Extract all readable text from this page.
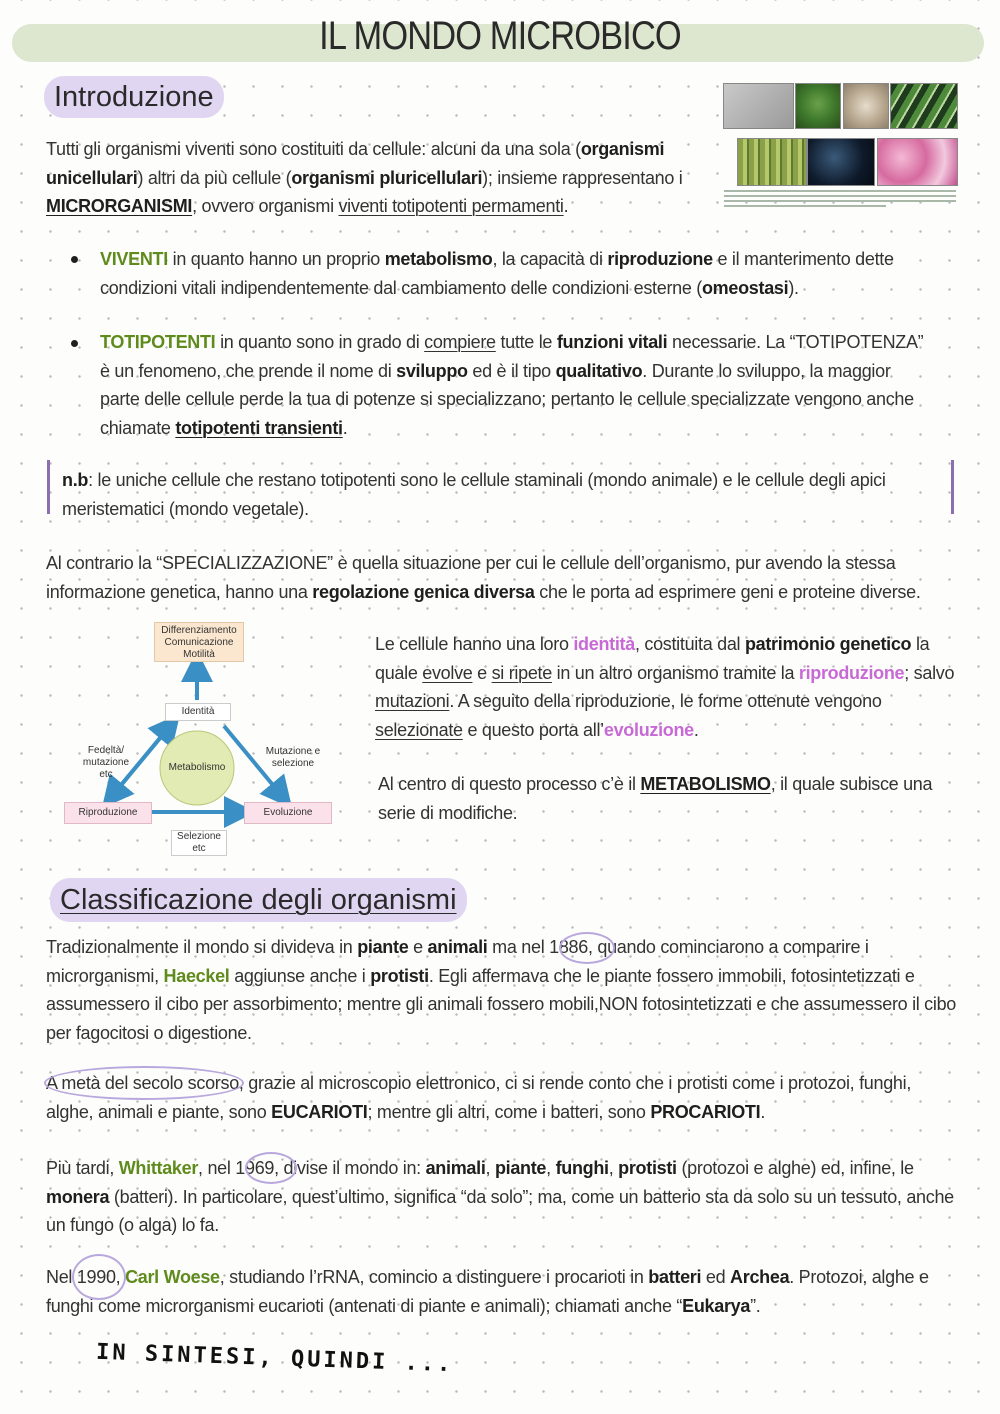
IL MONDO MICROBICO
Introduzione
Tutti gli organismi viventi sono costituiti da cellule: alcuni da una sola (organismi unicellulari) altri da più cellule (organismi pluricellulari); insieme rappresentano i MICRORGANISMI, ovvero organismi viventi totipotenti permamenti.
VIVENTI in quanto hanno un proprio metabolismo, la capacità di riproduzione e il manterimento dette condizioni vitali indipendentemente dal cambiamento delle condizioni esterne (omeostasi).
TOTIPOTENTI in quanto sono in grado di compiere tutte le funzioni vitali necessarie. La “TOTIPOTENZA” è un fenomeno, che prende il nome di sviluppo ed è il tipo qualitativo. Durante lo sviluppo, la maggior parte delle cellule perde la tua di potenze si specializzano; pertanto le cellule specializzate vengono anche chiamate totipotenti transienti.
n.b: le uniche cellule che restano totipotenti sono le cellule staminali (mondo animale) e le cellule degli apici meristematici (mondo vegetale).
Al contrario la “SPECIALIZZAZIONE” è quella situazione per cui le cellule dell’organismo, pur avendo la stessa informazione genetica, hanno una regolazione genica diversa che le porta ad esprimere geni e proteine diverse.
Differenziamento Comunicazione Motilità
Identità
Fedeltà/ mutazione etc
Mutazione e selezione
Metabolismo
Riproduzione	Evoluzione
Selezione etc
Le cellule hanno una loro identità, costituita dal patrimonio genetico la quale evolve e si ripete in un altro organismo tramite la riproduzione; salvo mutazioni. A seguito della riproduzione, le forme ottenute vengono selezionate e questo porta all’evoluzione.
Al centro di questo processo c’è il METABOLISMO, il quale subisce una serie di modifiche.
Classificazione degli organismi
Tradizionalmente il mondo si divideva in piante e animali ma nel 1886, quando cominciarono a comparire i microrganismi, Haeckel aggiunse anche i protisti. Egli affermava che le piante fossero immobili, fotosintetizzati e assumessero il cibo per assorbimento; mentre gli animali fossero mobili,NON fotosintetizzati e che assumessero il cibo per fagocitosi o digestione.
A metà del secolo scorso, grazie al microscopio elettronico, ci si rende conto che i protisti come i protozoi, funghi, alghe, animali e piante, sono EUCARIOTI; mentre gli altri, come i batteri, sono PROCARIOTI.
Più tardi, Whittaker, nel 1969, divise il mondo in: animali, piante, funghi, protisti (protozoi e alghe) ed, infine, le monera (batteri). In particolare, quest’ultimo, significa “da solo”; ma, come un batterio sta da solo su un tessuto, anche un fungo (o alga) lo fa.
Nel 1990, Carl Woese, studiando l’rRNA, comincio a distinguere i procarioti in batteri ed Archea. Protozoi, alghe e funghi come microrganismi eucarioti (antenati di piante e animali); chiamati anche “Eukarya”.
IN SINTESI, QUINDI ...
